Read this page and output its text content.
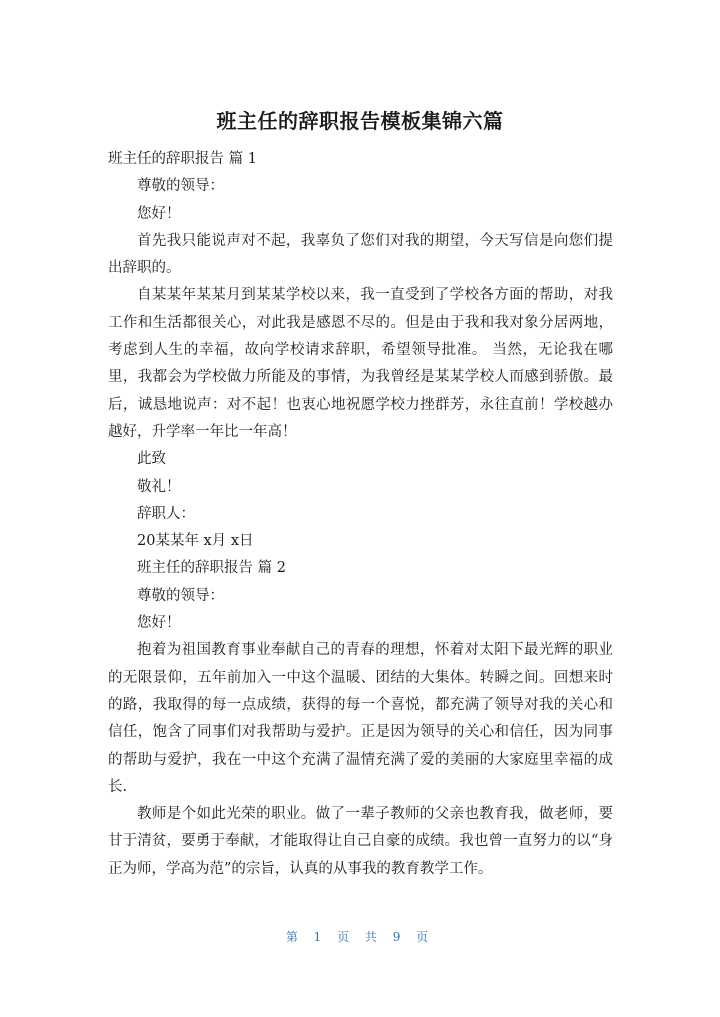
班主任的辞职报告模板集锦六篇

班主任的辞职报告 篇 1

尊敬的领导：

您好！

首先我只能说声对不起，我辜负了您们对我的期望，今天写信是向您们提出辞职的。

自某某年某某月到某某学校以来，我一直受到了学校各方面的帮助，对我工作和生活都很关心，对此我是感恩不尽的。但是由于我和我对象分居两地，考虑到人生的幸福，故向学校请求辞职，希望领导批准。 当然，无论我在哪里，我都会为学校做力所能及的事情，为我曾经是某某学校人而感到骄傲。最后，诚恳地说声：对不起！也衷心地祝愿学校力挫群芳，永往直前！学校越办越好，升学率一年比一年高！

此致

敬礼！

辞职人：

20某某年 x月 x日

班主任的辞职报告 篇 2

尊敬的领导：

您好！

抱着为祖国教育事业奉献自己的青春的理想，怀着对太阳下最光辉的职业的无限景仰，五年前加入一中这个温暖、团结的大集体。转瞬之间。回想来时的路，我取得的每一点成绩，获得的每一个喜悦，都充满了领导对我的关心和信任，饱含了同事们对我帮助与爱护。正是因为领导的关心和信任，因为同事的帮助与爱护，我在一中这个充满了温情充满了爱的美丽的大家庭里幸福的成长.

教师是个如此光荣的职业。做了一辈子教师的父亲也教育我，做老师，要甘于清贫，要勇于奉献，才能取得让自己自豪的成绩。我也曾一直努力的以“身正为师，学高为范”的宗旨，认真的从事我的教育教学工作。

第 1 页 共 9 页
